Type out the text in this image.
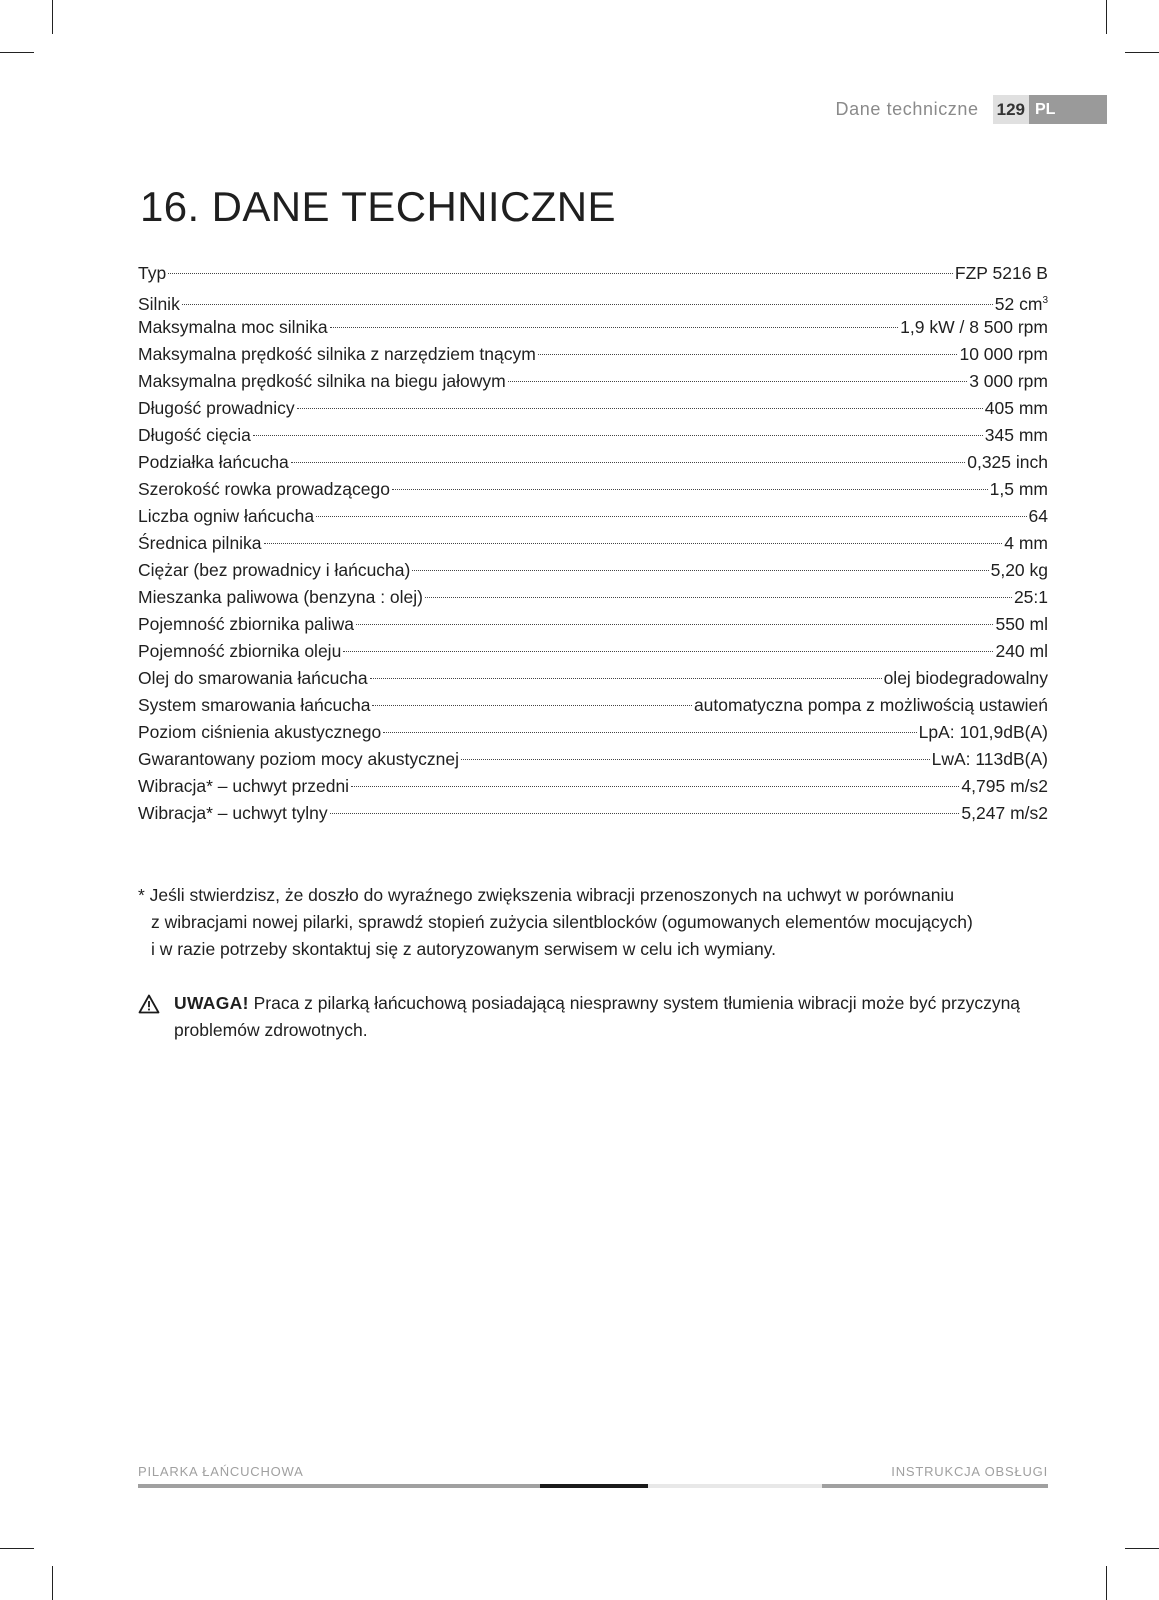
Dane techniczne 129 PL
16. DANE TECHNICZNE
Typ	FZP 5216 B
Silnik	52 $cm^3$
Maksymalna moc silnika	1,9 kW / 8 500 rpm
Maksymalna prędkość silnika z narzędziem tnącym	10 000 rpm
Maksymalna prędkość silnika na biegu jałowym	3 000 rpm
Długość prowadnicy	405 mm
Długość cięcia	345 mm
Podziałka łańcucha	0,325 inch
Szerokość rowka prowadzącego	1,5 mm
Liczba ogniw łańcucha	64
Średnica pilnika	4 mm
Ciężar (bez prowadnicy i łańcucha)	5,20 kg
Mieszanka paliwowa (benzyna : olej)	25:1
Pojemność zbiornika paliwa	550 ml
Pojemność zbiornika oleju	240 ml
Olej do smarowania łańcucha	olej biodegradowalny
System smarowania łańcucha	automatyczna pompa z możliwością ustawień
Poziom ciśnienia akustycznego	LpA: 101,9dB(A)
Gwarantowany poziom mocy akustycznej	LwA: 113dB(A)
Wibracja* – uchwyt przedni	4,795 m/s2
Wibracja* – uchwyt tylny	5,247 m/s2
* Jeśli stwierdzisz, że doszło do wyraźnego zwiększenia wibracji przenoszonych na uchwyt w porównaniu
z wibracjami nowej pilarki, sprawdź stopień zużycia silentblocków (ogumowanych elementów mocujących)
i w razie potrzeby skontaktuj się z autoryzowanym serwisem w celu ich wymiany.
UWAGA! Praca z pilarką łańcuchową posiadającą niesprawny system tłumienia wibracji może być przyczyną problemów zdrowotnych.
PILARKA ŁAŃCUCHOWA	INSTRUKCJA OBSŁUGI
